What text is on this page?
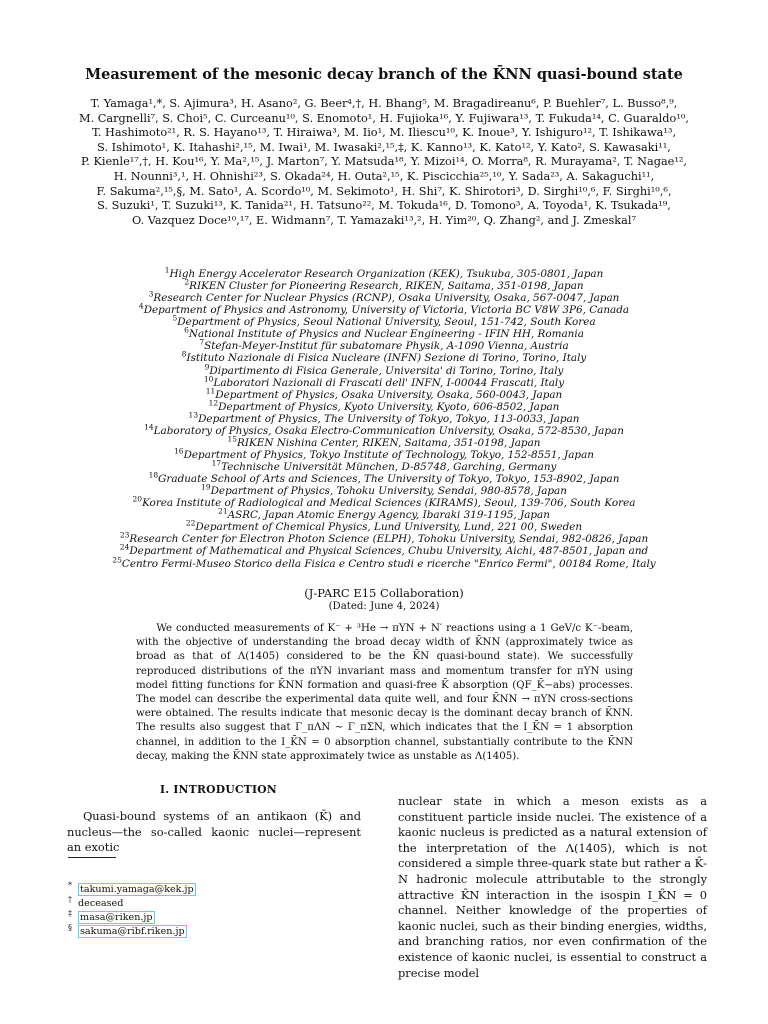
Measurement of the mesonic decay branch of the K̄NN quasi-bound state
T. Yamaga¹,*, S. Ajimura³, H. Asano², G. Beer⁴,†, H. Bhang⁵, M. Bragadireanu⁶, P. Buehler⁷, L. Busso⁸,⁹,
M. Cargnelli⁷, S. Choi⁵, C. Curceanu¹⁰, S. Enomoto¹, H. Fujioka¹⁶, Y. Fujiwara¹³, T. Fukuda¹⁴, C. Guaraldo¹⁰,
T. Hashimoto²¹, R. S. Hayano¹³, T. Hiraiwa³, M. Iio¹, M. Iliescu¹⁰, K. Inoue³, Y. Ishiguro¹², T. Ishikawa¹³,
S. Ishimoto¹, K. Itahashi²,¹⁵, M. Iwai¹, M. Iwasaki²,¹⁵,‡, K. Kanno¹³, K. Kato¹², Y. Kato², S. Kawasaki¹¹,
P. Kienle¹⁷,†, H. Kou¹⁶, Y. Ma²,¹⁵, J. Marton⁷, Y. Matsuda¹⁸, Y. Mizoi¹⁴, O. Morra⁸, R. Murayama², T. Nagae¹²,
H. Nounni³,¹, H. Ohnishi²³, S. Okada²⁴, H. Outa²,¹⁵, K. Piscicchia²⁵,¹⁰, Y. Sada²³, A. Sakaguchi¹¹,
F. Sakuma²,¹⁵,§, M. Sato¹, A. Scordo¹⁰, M. Sekimoto¹, H. Shi⁷, K. Shirotori³, D. Sirghi¹⁰,⁶, F. Sirghi¹⁰,⁶,
S. Suzuki¹, T. Suzuki¹³, K. Tanida²¹, H. Tatsuno²², M. Tokuda¹⁶, D. Tomono³, A. Toyoda¹, K. Tsukada¹⁹,
O. Vazquez Doce¹⁰,¹⁷, E. Widmann⁷, T. Yamazaki¹³,², H. Yim²⁰, Q. Zhang², and J. Zmeskal⁷
$^1$High Energy Accelerator Research Organization (KEK), Tsukuba, 305-0801, Japan
$^2$RIKEN Cluster for Pioneering Research, RIKEN, Saitama, 351-0198, Japan
$^3$Research Center for Nuclear Physics (RCNP), Osaka University, Osaka, 567-0047, Japan
$^4$Department of Physics and Astronomy, University of Victoria, Victoria BC V8W 3P6, Canada
$^5$Department of Physics, Seoul National University, Seoul, 151-742, South Korea
$^6$National Institute of Physics and Nuclear Engineering - IFIN HH, Romania
$^7$Stefan-Meyer-Institut für subatomare Physik, A-1090 Vienna, Austria
$^8$Istituto Nazionale di Fisica Nucleare (INFN) Sezione di Torino, Torino, Italy
$^9$Dipartimento di Fisica Generale, Universita' di Torino, Torino, Italy
$^{10}$Laboratori Nazionali di Frascati dell' INFN, I-00044 Frascati, Italy
$^{11}$Department of Physics, Osaka University, Osaka, 560-0043, Japan
$^{12}$Department of Physics, Kyoto University, Kyoto, 606-8502, Japan
$^{13}$Department of Physics, The University of Tokyo, Tokyo, 113-0033, Japan
$^{14}$Laboratory of Physics, Osaka Electro-Communication University, Osaka, 572-8530, Japan
$^{15}$RIKEN Nishina Center, RIKEN, Saitama, 351-0198, Japan
$^{16}$Department of Physics, Tokyo Institute of Technology, Tokyo, 152-8551, Japan
$^{17}$Technische Universität München, D-85748, Garching, Germany
$^{18}$Graduate School of Arts and Sciences, The University of Tokyo, Tokyo, 153-8902, Japan
$^{19}$Department of Physics, Tohoku University, Sendai, 980-8578, Japan
$^{20}$Korea Institute of Radiological and Medical Sciences (KIRAMS), Seoul, 139-706, South Korea
$^{21}$ASRC, Japan Atomic Energy Agency, Ibaraki 319-1195, Japan
$^{22}$Department of Chemical Physics, Lund University, Lund, 221 00, Sweden
$^{23}$Research Center for Electron Photon Science (ELPH), Tohoku University, Sendai, 982-0826, Japan
$^{24}$Department of Mathematical and Physical Sciences, Chubu University, Aichi, 487-8501, Japan and
$^{25}$Centro Fermi-Museo Storico della Fisica e Centro studi e ricerche "Enrico Fermi", 00184 Rome, Italy
(J-PARC E15 Collaboration)
(Dated: June 4, 2024)
We conducted measurements of K⁻ + ³He → πYN + N′ reactions using a 1 GeV/c K⁻-beam, with the objective of understanding the broad decay width of K̄NN (approximately twice as broad as that of Λ(1405) considered to be the K̄N quasi-bound state). We successfully reproduced distributions of the πYN invariant mass and momentum transfer for πYN using model fitting functions for K̄NN formation and quasi-free K̄ absorption (QF_K̄−abs) processes. The model can describe the experimental data quite well, and four K̄NN → πYN cross-sections were obtained. The results indicate that mesonic decay is the dominant decay branch of K̄NN. The results also suggest that Γ_πΛN ∼ Γ_πΣN, which indicates that the I_K̄N = 1 absorption channel, in addition to the I_K̄N = 0 absorption channel, substantially contribute to the K̄NN decay, making the K̄NN state approximately twice as unstable as Λ(1405).
I. INTRODUCTION
Quasi-bound systems of an antikaon (K̄) and nucleus—the so-called kaonic nuclei—represent an exotic
nuclear state in which a meson exists as a constituent particle inside nuclei. The existence of a kaonic nucleus is predicted as a natural extension of the interpretation of the Λ(1405), which is not considered a simple three-quark state but rather a K̄-N hadronic molecule attributable to the strongly attractive K̄N interaction in the isospin I_K̄N = 0 channel. Neither knowledge of the properties of kaonic nuclei, such as their binding energies, widths, and branching ratios, nor even confirmation of the existence of kaonic nuclei, is essential to construct a precise model
* takumi.yamaga@kek.jp
† deceased
‡ masa@riken.jp
§ sakuma@ribf.riken.jp
